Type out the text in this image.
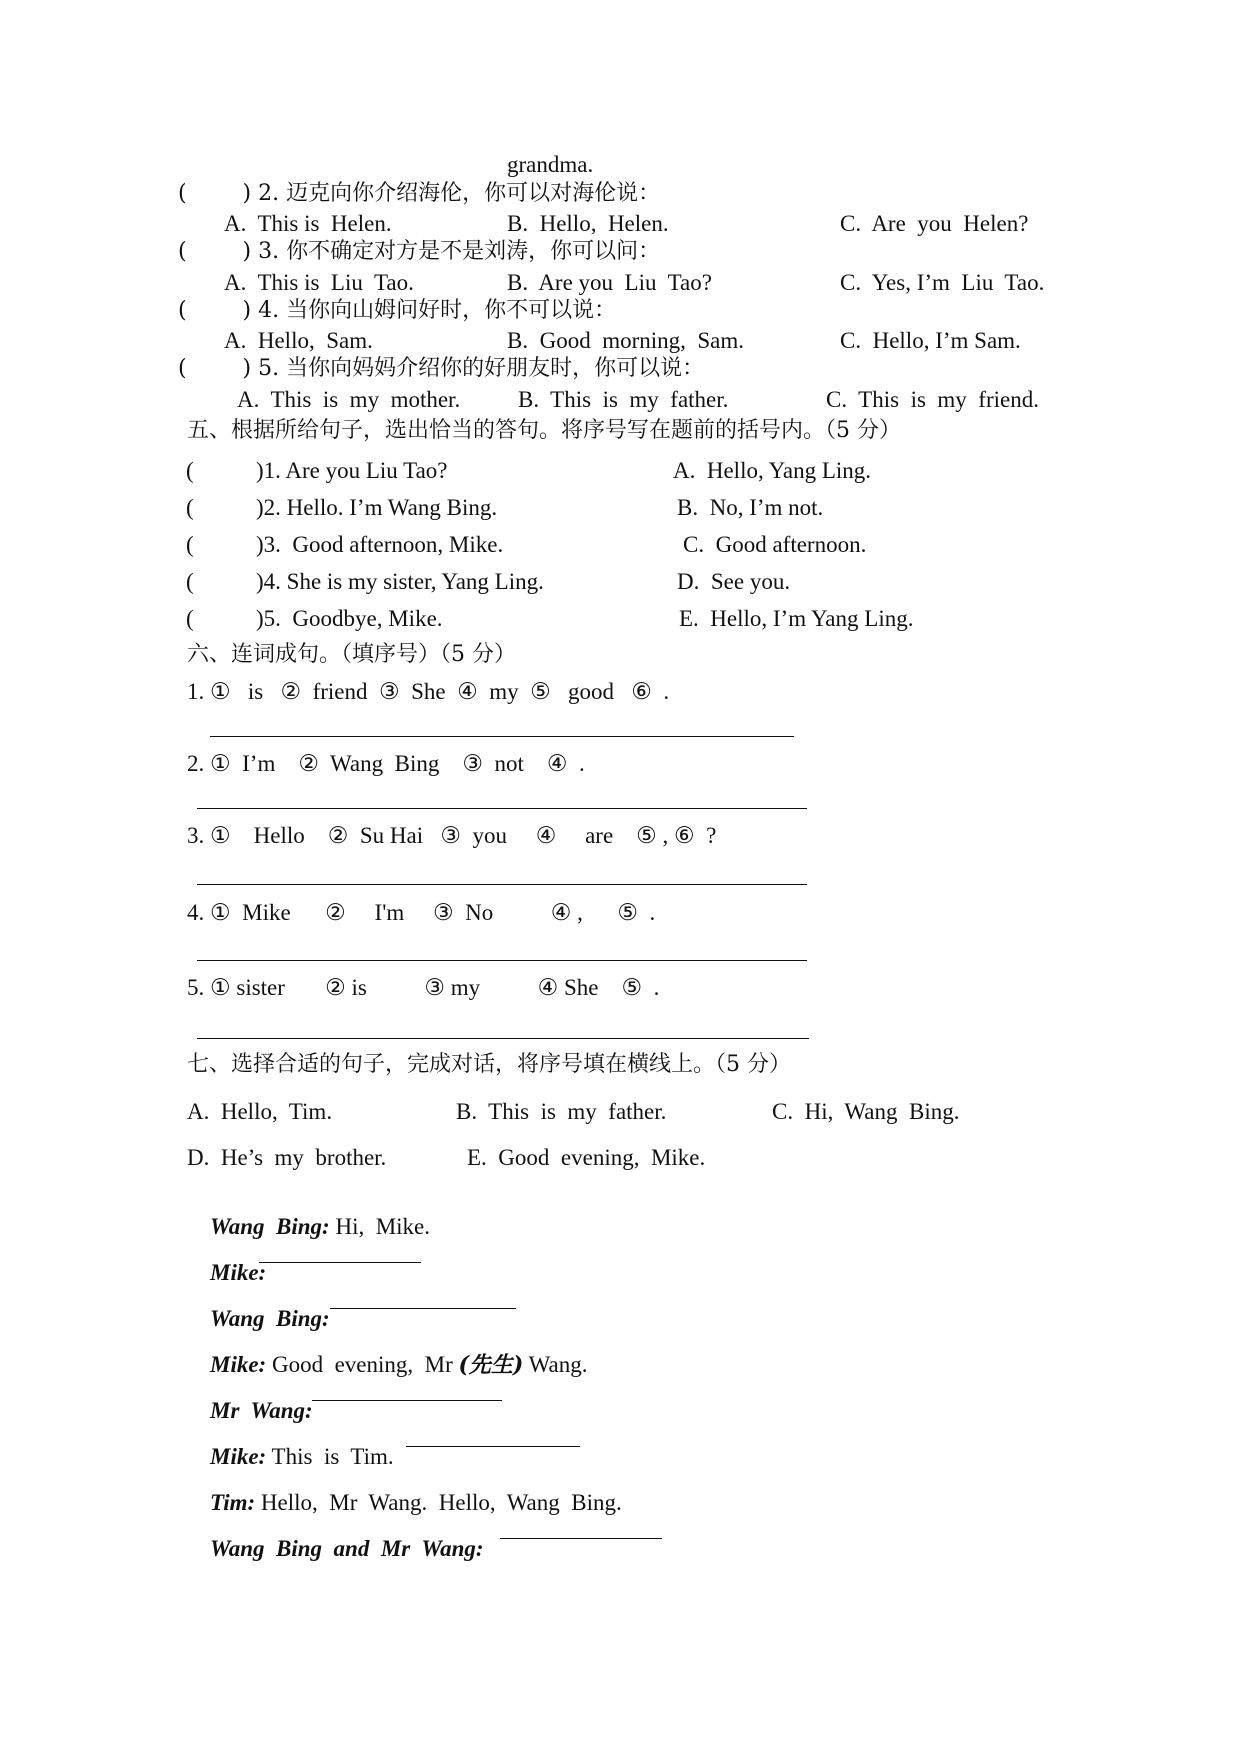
grandma.
(        ) 2. 迈克向你介绍海伦，你可以对海伦说：
A.  This is  Helen.	B.  Hello,  Helen.	C.  Are  you  Helen?
(        ) 3. 你不确定对方是不是刘涛，你可以问：
A.  This is  Liu  Tao.	B.  Are you  Liu  Tao?	C.  Yes, I’m  Liu  Tao.
(        ) 4. 当你向山姆问好时，你不可以说：
A.  Hello,  Sam.	B.  Good  morning,  Sam.	C.  Hello, I’m Sam.
(        ) 5. 当你向妈妈介绍你的好朋友时，你可以说：
A.  This  is  my  mother.	B.  This  is  my  father.	C.  This  is  my  friend.
五、根据所给句子，选出恰当的答句。将序号写在题前的括号内。（5 分）
(	)1. Are you Liu Tao?	A.  Hello, Yang Ling.
(	)2. Hello. I’m Wang Bing.	B.  No, I’m not.
(	)3.  Good afternoon, Mike.	C.  Good afternoon.
(	)4. She is my sister, Yang Ling.	D.  See you.
(	)5.  Goodbye, Mike.	E.  Hello, I’m Yang Ling.
六、连词成句。（填序号）（5 分）
1. ①   is   ②  friend  ③  She  ④  my  ⑤   good   ⑥  .
2. ①  I’m    ②  Wang  Bing    ③  not    ④  .
3. ①    Hello    ②  Su Hai   ③  you     ④     are    ⑤ , ⑥  ?
4. ①  Mike      ②     I'm     ③  No          ④ ,      ⑤  .
5. ① sister       ② is          ③ my          ④ She    ⑤  .
七、选择合适的句子，完成对话，将序号填在横线上。（5 分）
A.  Hello,  Tim.	B.  This  is  my  father.	C.  Hi,  Wang  Bing.
D.  He’s  my  brother.	E.  Good  evening,  Mike.

Wang  Bing: Hi,  Mike.

Mike:

Wang  Bing:

Mike: Good  evening,  Mr (先生) Wang.

Mr  Wang:

Mike: This  is  Tim.

Tim: Hello,  Mr  Wang.  Hello,  Wang  Bing.

Wang  Bing  and  Mr  Wang:
